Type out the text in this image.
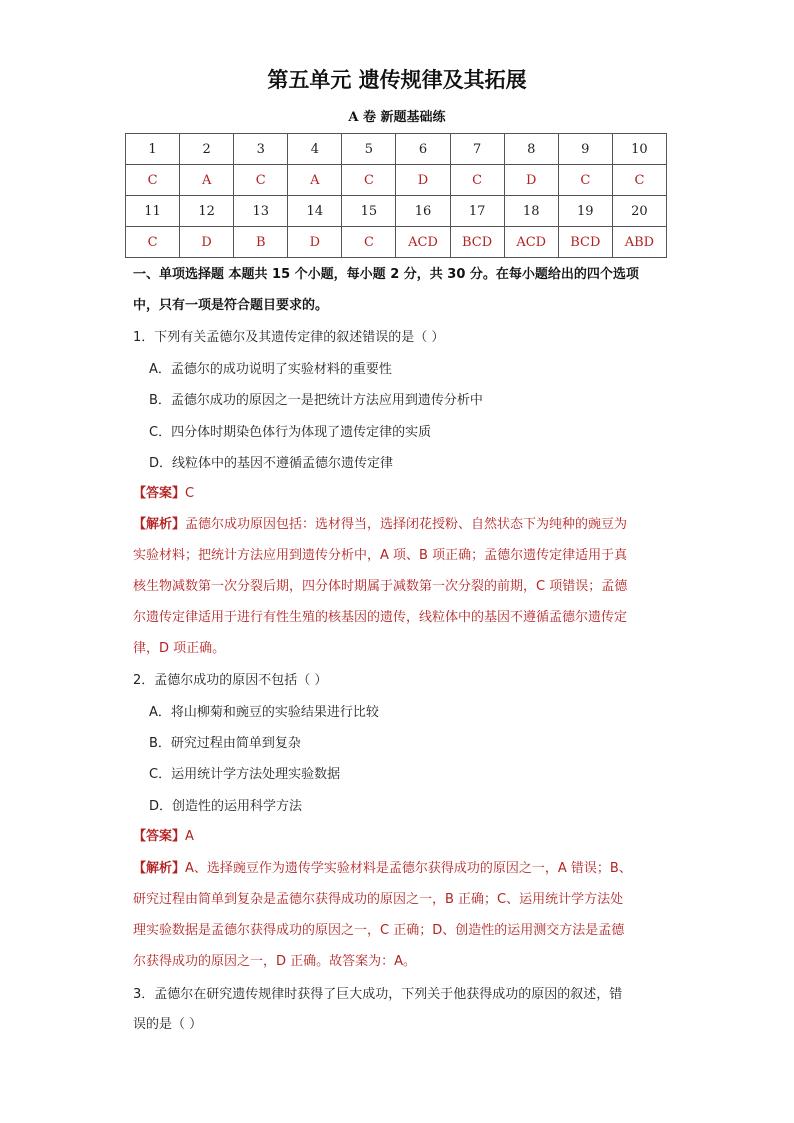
第五单元 遗传规律及其拓展
A 卷 新题基础练
1	2	3	4	5	6	7	8	9	10
C	A	C	A	C	D	C	D	C	C
11	12	13	14	15	16	17	18	19	20
C	D	B	D	C	ACD	BCD	ACD	BCD	ABD
一、单项选择题 本题共 15 个小题，每小题 2 分，共 30 分。在每小题给出的四个选项
中，只有一项是符合题目要求的。
1．下列有关孟德尔及其遗传定律的叙述错误的是（ ）
A．孟德尔的成功说明了实验材料的重要性
B．孟德尔成功的原因之一是把统计方法应用到遗传分析中
C．四分体时期染色体行为体现了遗传定律的实质
D．线粒体中的基因不遵循孟德尔遗传定律
【答案】C
【解析】孟德尔成功原因包括：选材得当，选择闭花授粉、自然状态下为纯种的豌豆为
实验材料；把统计方法应用到遗传分析中，A 项、B 项正确；孟德尔遗传定律适用于真
核生物减数第一次分裂后期，四分体时期属于减数第一次分裂的前期，C 项错误；孟德
尔遗传定律适用于进行有性生殖的核基因的遗传，线粒体中的基因不遵循孟德尔遗传定
律，D 项正确。
2．孟德尔成功的原因不包括（ ）
A．将山柳菊和豌豆的实验结果进行比较
B．研究过程由简单到复杂
C．运用统计学方法处理实验数据
D．创造性的运用科学方法
【答案】A
【解析】A、选择豌豆作为遗传学实验材料是孟德尔获得成功的原因之一，A 错误；B、
研究过程由简单到复杂是孟德尔获得成功的原因之一，B 正确；C、运用统计学方法处
理实验数据是孟德尔获得成功的原因之一，C 正确；D、创造性的运用测交方法是孟德
尔获得成功的原因之一，D 正确。故答案为：A。
3．孟德尔在研究遗传规律时获得了巨大成功，下列关于他获得成功的原因的叙述，错
误的是（ ）
